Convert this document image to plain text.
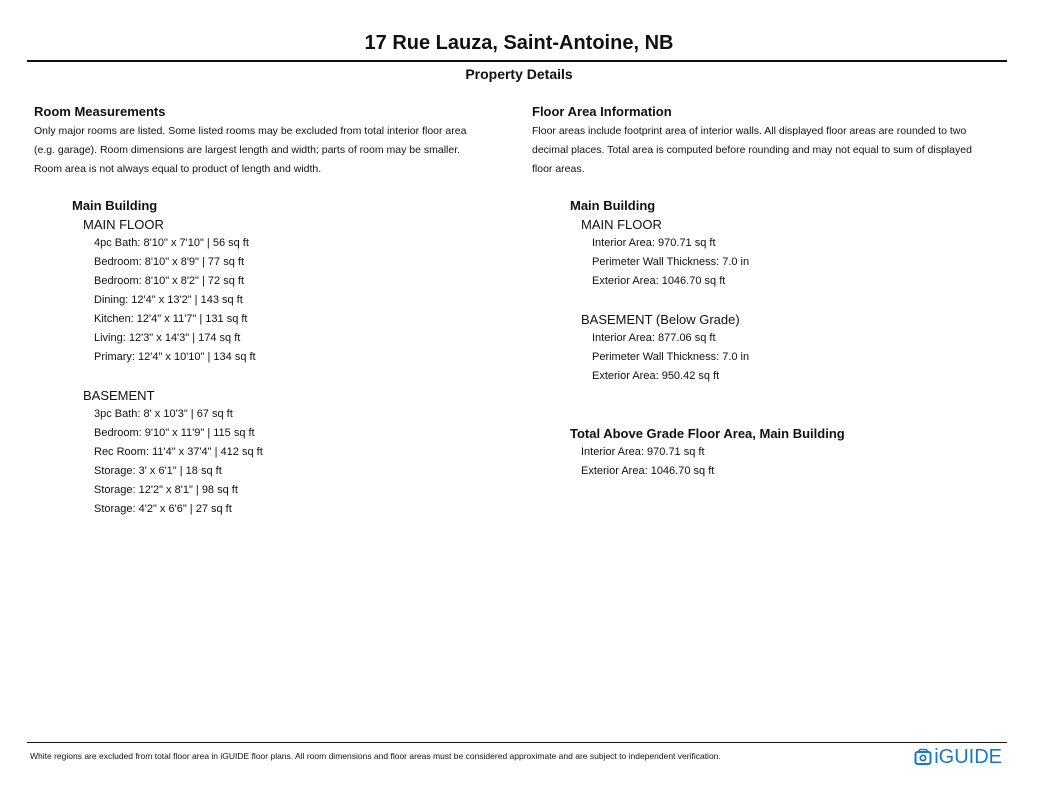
17 Rue Lauza, Saint-Antoine, NB
Property Details
Room Measurements

Only major rooms are listed. Some listed rooms may be excluded from total interior floor area
(e.g. garage). Room dimensions are largest length and width; parts of room may be smaller.
Room area is not always equal to product of length and width.

Main Building
MAIN FLOOR
4pc Bath: 8'10" x 7'10" | 56 sq ft
Bedroom: 8'10" x 8'9" | 77 sq ft
Bedroom: 8'10" x 8'2" | 72 sq ft
Dining: 12'4" x 13'2" | 143 sq ft
Kitchen: 12'4" x 11'7" | 131 sq ft
Living: 12'3" x 14'3" | 174 sq ft
Primary: 12'4" x 10'10" | 134 sq ft
BASEMENT
3pc Bath: 8' x 10'3" | 67 sq ft
Bedroom: 9'10" x 11'9" | 115 sq ft
Rec Room: 11'4" x 37'4" | 412 sq ft
Storage: 3' x 6'1" | 18 sq ft
Storage: 12'2" x 8'1" | 98 sq ft
Storage: 4'2" x 6'6" | 27 sq ft
Floor Area Information

Floor areas include footprint area of interior walls. All displayed floor areas are rounded to two
decimal places. Total area is computed before rounding and may not equal to sum of displayed
floor areas.

Main Building
MAIN FLOOR
Interior Area: 970.71 sq ft
Perimeter Wall Thickness: 7.0 in
Exterior Area: 1046.70 sq ft
BASEMENT (Below Grade)
Interior Area: 877.06 sq ft
Perimeter Wall Thickness: 7.0 in
Exterior Area: 950.42 sq ft
Total Above Grade Floor Area, Main Building
Interior Area: 970.71 sq ft
Exterior Area: 1046.70 sq ft
White regions are excluded from total floor area in iGUIDE floor plans. All room dimensions and floor areas must be considered approximate and are subject to independent verification.	iGUIDE
